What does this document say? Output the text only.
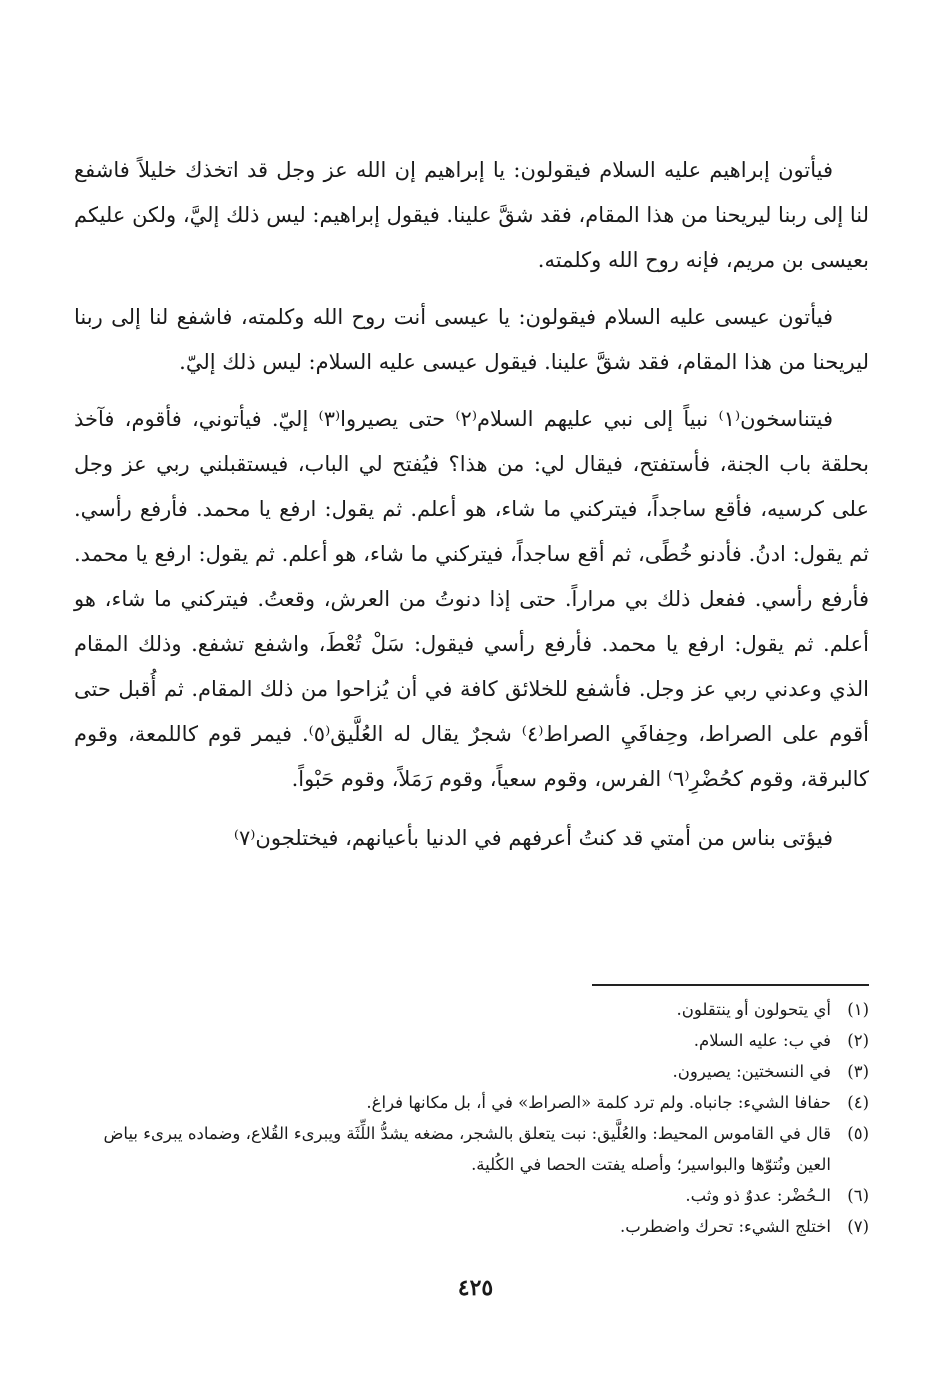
فيأتون إبراهيم عليه السلام فيقولون: يا إبراهيم إن الله عز وجل قد اتخذك خليلاً فاشفع لنا إلى ربنا ليريحنا من هذا المقام، فقد شقَّ علينا. فيقول إبراهيم: ليس ذلك إليَّ، ولكن عليكم بعيسى بن مريم، فإنه روح الله وكلمته.

فيأتون عيسى عليه السلام فيقولون: يا عيسى أنت روح الله وكلمته، فاشفع لنا إلى ربنا ليريحنا من هذا المقام، فقد شقَّ علينا. فيقول عيسى عليه السلام: ليس ذلك إليّ.

فيتناسخون⁽١⁾ نبياً إلى نبي عليهم السلام⁽٢⁾ حتى يصيروا⁽٣⁾ إليّ. فيأتوني، فأقوم، فآخذ بحلقة باب الجنة، فأستفتح، فيقال لي: من هذا؟ فيُفتح لي الباب، فيستقبلني ربي عز وجل على كرسيه، فأقع ساجداً، فيتركني ما شاء، هو أعلم. ثم يقول: ارفع يا محمد. فأرفع رأسي. ثم يقول: ادنُ. فأدنو خُطًى، ثم أقع ساجداً، فيتركني ما شاء، هو أعلم. ثم يقول: ارفع يا محمد. فأرفع رأسي. ففعل ذلك بي مراراً. حتى إذا دنوتُ من العرش، وقعتُ. فيتركني ما شاء، هو أعلم. ثم يقول: ارفع يا محمد. فأرفع رأسي فيقول: سَلْ تُعْطَ، واشفع تشفع. وذلك المقام الذي وعدني ربي عز وجل. فأشفع للخلائق كافة في أن يُزاحوا من ذلك المقام. ثم أُقبل حتى أقوم على الصراط، وحِفافَيِ الصراط⁽٤⁾ شجرٌ يقال له العُلَّيق⁽٥⁾. فيمر قوم كاللمعة، وقوم كالبرقة، وقوم كحُضْرِ⁽٦⁾ الفرس، وقوم سعياً، وقوم رَمَلاً، وقوم حَبْواً.

فيؤتى بناس من أمتي قد كنتُ أعرفهم في الدنيا بأعيانهم، فيختلجون⁽٧⁾

(١)
أي يتحولون أو ينتقلون.

(٢)
في ب: عليه السلام.

(٣)
في النسختين: يصيرون.

(٤)
حفافا الشيء: جانباه. ولم ترد كلمة «الصراط» في أ، بل مكانها فراغ.

(٥)
قال في القاموس المحيط: والعُلَّيق: نبت يتعلق بالشجر، مضغه يشدُّ اللِّثَة ويبرىء القُلاع، وضماده يبرىء بياض العين ونُتوّها والبواسير؛ وأصله يفتت الحصا في الكُلية.

(٦)
الـحُضْر: عدوٌ ذو وثب.

(٧)
اختلج الشيء: تحرك واضطرب.

٤٢٥
